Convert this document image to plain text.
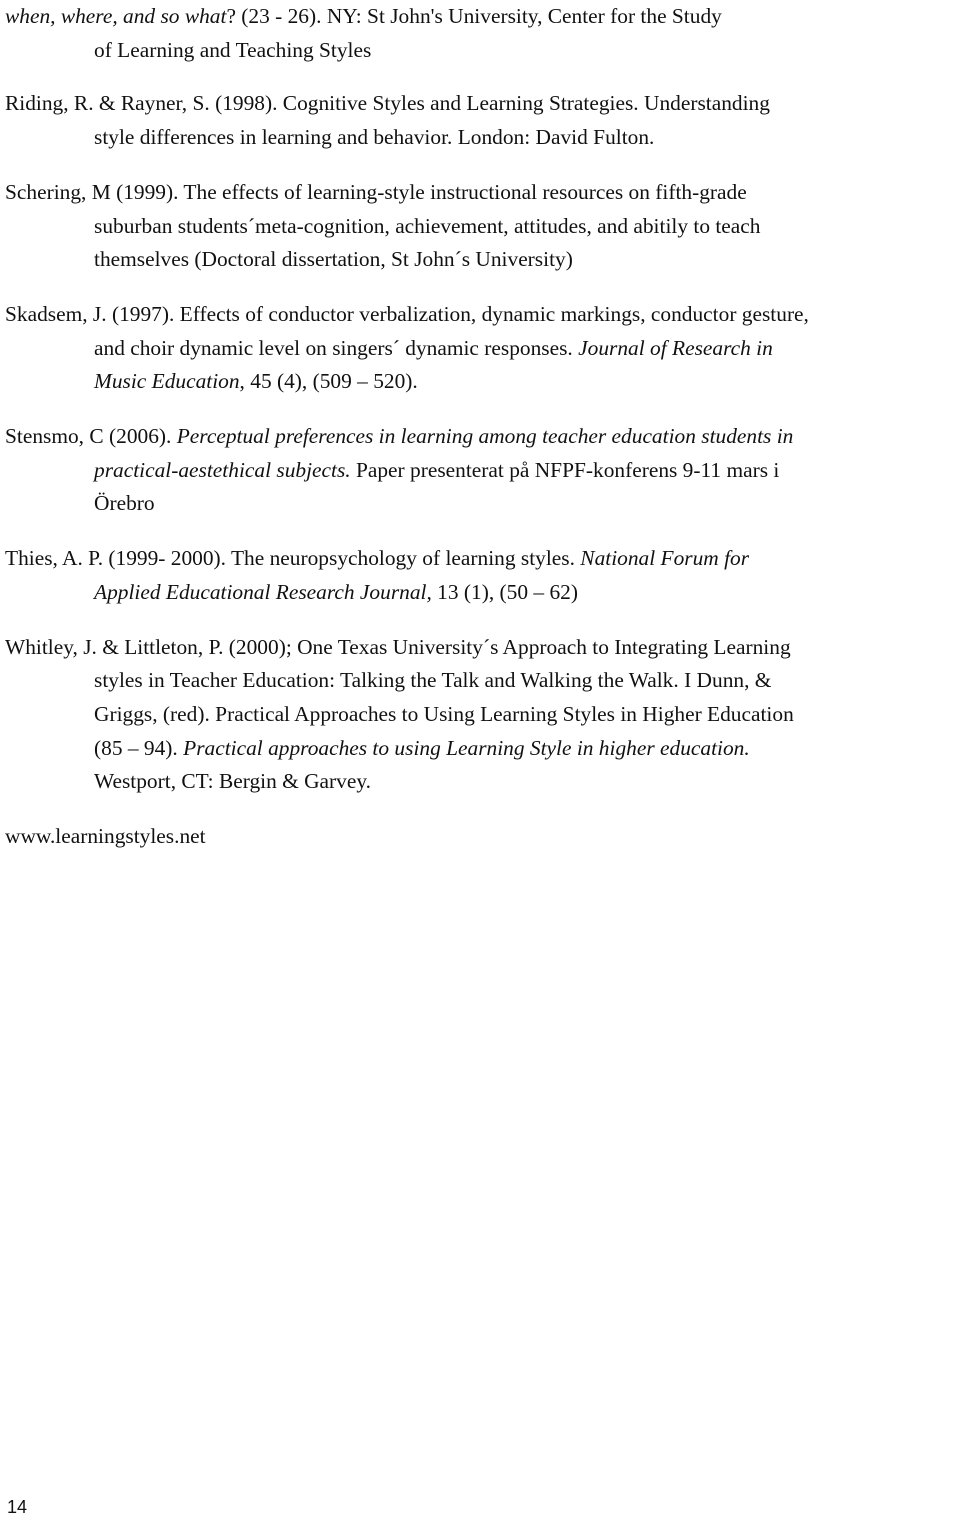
when, where, and so what? (23 - 26). NY: St John's University, Center for the Study
of Learning and Teaching Styles
Riding, R. & Rayner, S. (1998). Cognitive Styles and Learning Strategies. Understanding
style differences in learning and behavior. London: David Fulton.
Schering, M (1999). The effects of learning-style instructional resources on fifth-grade
suburban students´meta-cognition, achievement, attitudes, and abitily to teach
themselves (Doctoral dissertation, St John´s University)
Skadsem, J. (1997). Effects of conductor verbalization, dynamic markings, conductor gesture,
and choir dynamic level on singers´ dynamic responses. Journal of Research in
Music Education, 45 (4), (509 – 520).
Stensmo, C (2006). Perceptual preferences in learning among teacher education students in
practical-aestethical subjects. Paper presenterat på NFPF-konferens 9-11 mars i
Örebro
Thies, A. P. (1999- 2000). The neuropsychology of learning styles. National Forum for
Applied Educational Research Journal, 13 (1), (50 – 62)
Whitley, J. & Littleton, P. (2000); One Texas University´s Approach to Integrating Learning
styles in Teacher Education: Talking the Talk and Walking the Walk. I Dunn, &
Griggs, (red). Practical Approaches to Using Learning Styles in Higher Education
(85 – 94). Practical approaches to using Learning Style in higher education.
Westport, CT: Bergin & Garvey.
www.learningstyles.net
14
